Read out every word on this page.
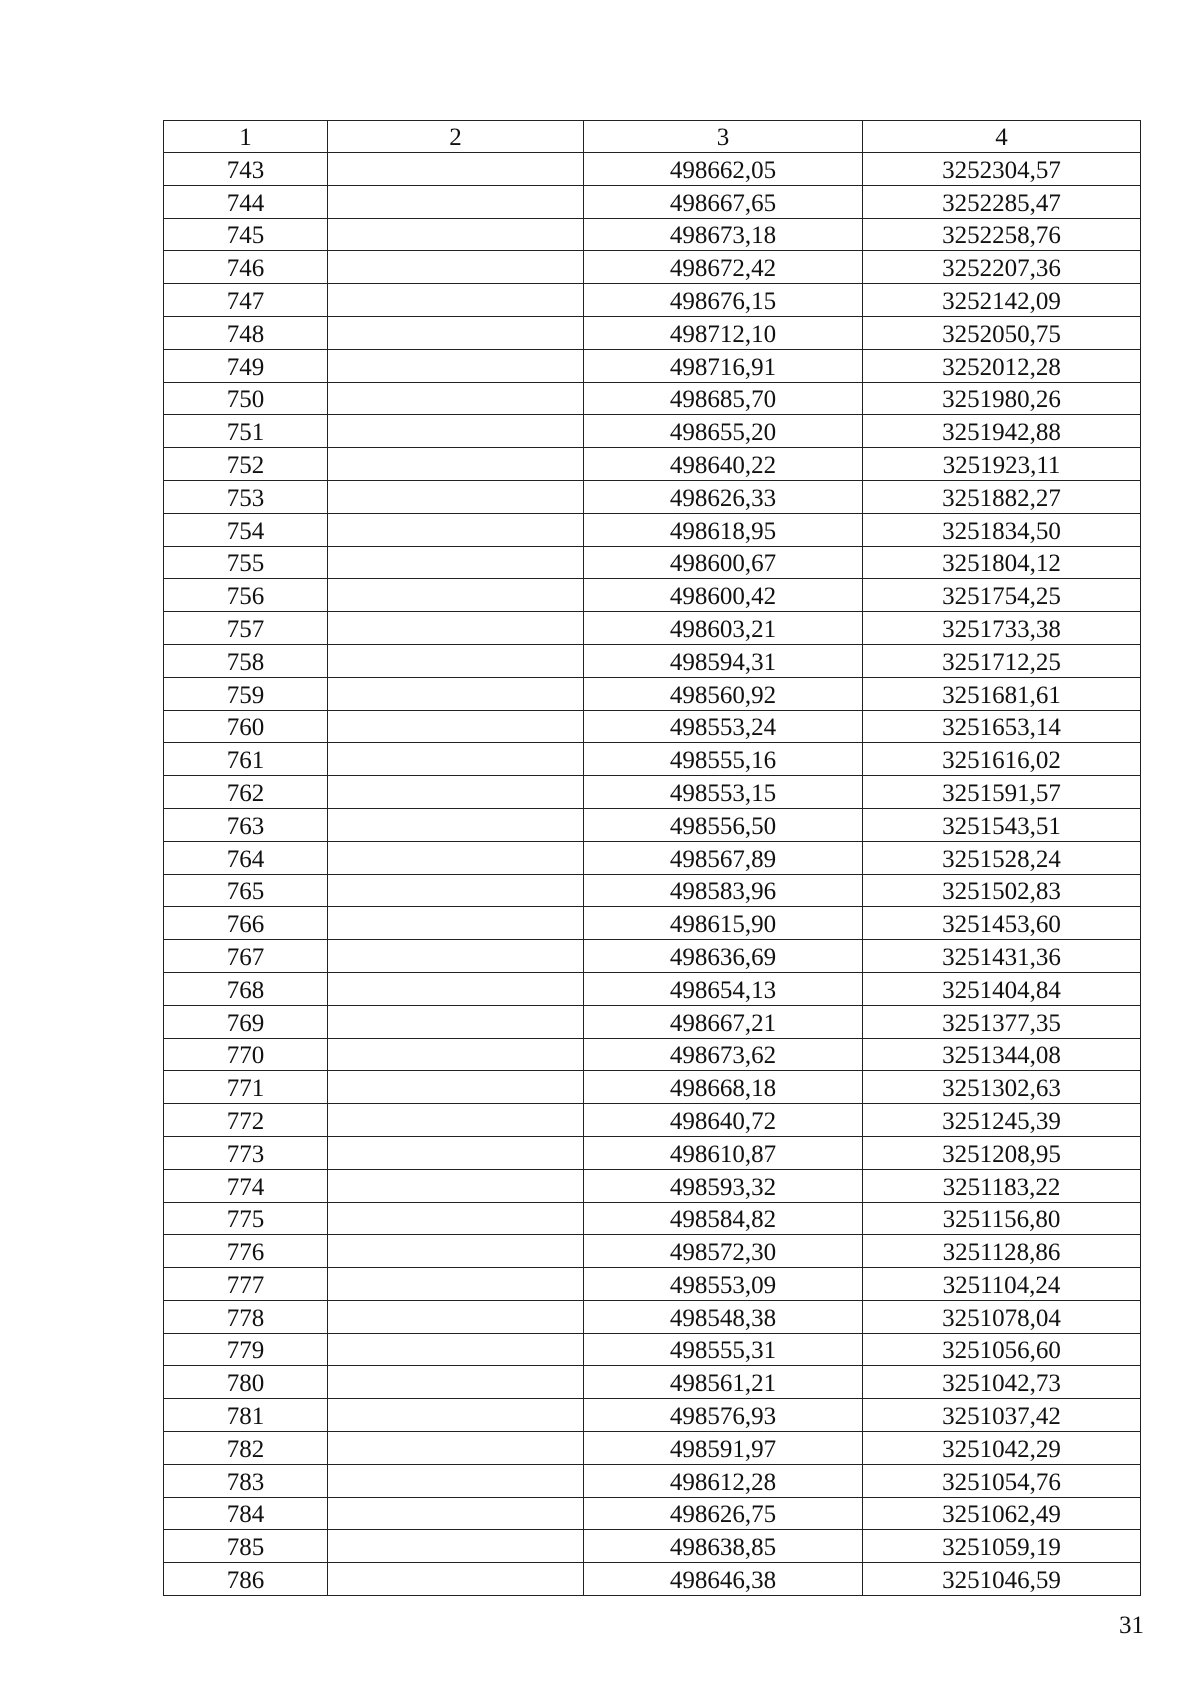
1	2	3	4
743		498662,05	3252304,57
744		498667,65	3252285,47
745		498673,18	3252258,76
746		498672,42	3252207,36
747		498676,15	3252142,09
748		498712,10	3252050,75
749		498716,91	3252012,28
750		498685,70	3251980,26
751		498655,20	3251942,88
752		498640,22	3251923,11
753		498626,33	3251882,27
754		498618,95	3251834,50
755		498600,67	3251804,12
756		498600,42	3251754,25
757		498603,21	3251733,38
758		498594,31	3251712,25
759		498560,92	3251681,61
760		498553,24	3251653,14
761		498555,16	3251616,02
762		498553,15	3251591,57
763		498556,50	3251543,51
764		498567,89	3251528,24
765		498583,96	3251502,83
766		498615,90	3251453,60
767		498636,69	3251431,36
768		498654,13	3251404,84
769		498667,21	3251377,35
770		498673,62	3251344,08
771		498668,18	3251302,63
772		498640,72	3251245,39
773		498610,87	3251208,95
774		498593,32	3251183,22
775		498584,82	3251156,80
776		498572,30	3251128,86
777		498553,09	3251104,24
778		498548,38	3251078,04
779		498555,31	3251056,60
780		498561,21	3251042,73
781		498576,93	3251037,42
782		498591,97	3251042,29
783		498612,28	3251054,76
784		498626,75	3251062,49
785		498638,85	3251059,19
786		498646,38	3251046,59
31
